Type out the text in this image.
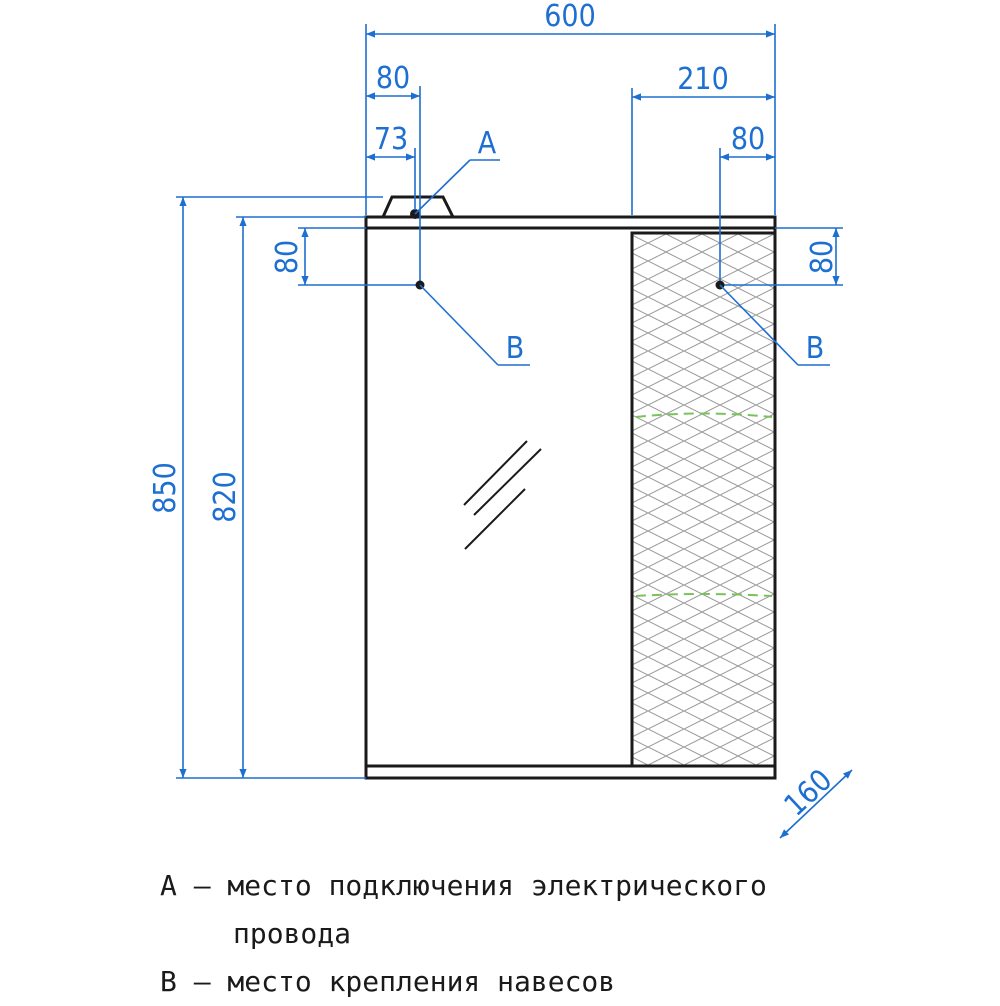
600
80
73
210
80
850 820
80	80
160
A
B	B
A – место подключения электрического
провода
B – место крепления навесов
